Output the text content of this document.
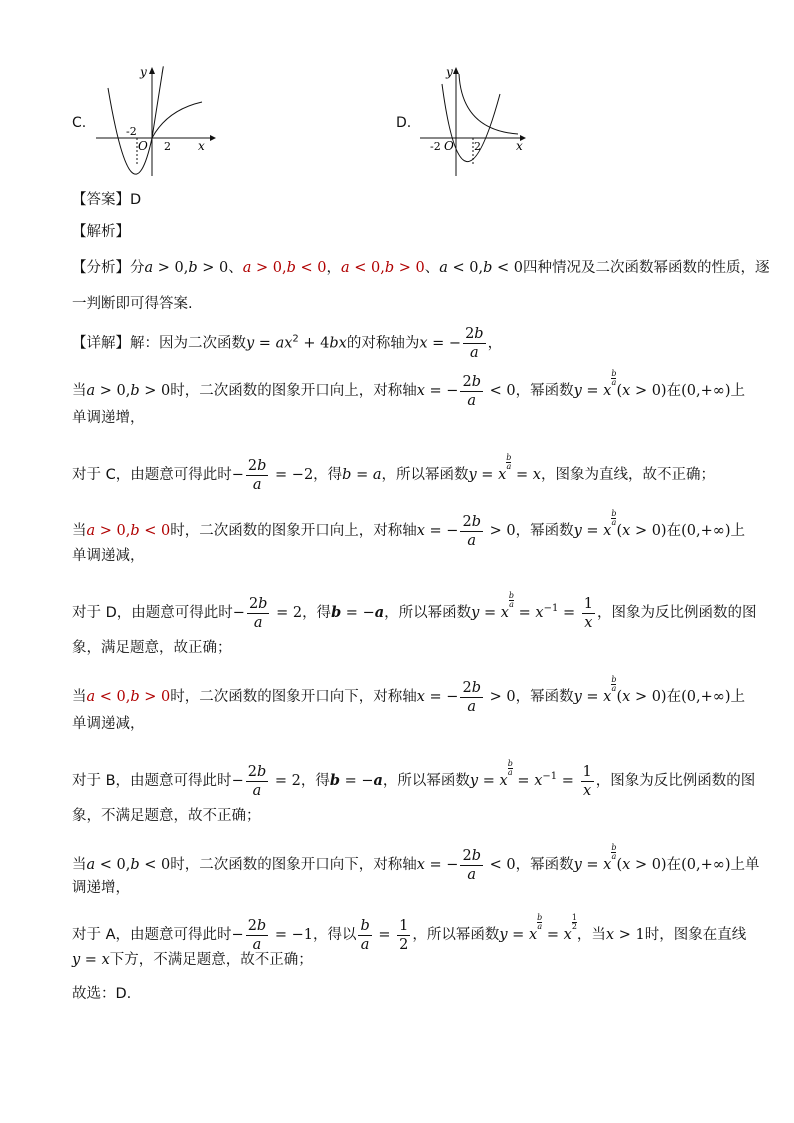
C.
y
x
O
-2
2
D.
y
x
-2 O 2
【答案】D
【解析】
【分析】分a > 0,b > 0、a > 0,b < 0，a < 0,b > 0、a < 0,b < 0四种情况及二次函数幂函数的性质，逐
一判断即可得答案.
【详解】解：因为二次函数$y = ax^2 + 4bx$的对称轴为x = − $\frac{2b}{a}$ ，
当a > 0,b > 0时，二次函数的图象开口向上，对称轴x = − $\frac{2b}{a} < 0$，幂函数y = x
$\frac{b}{a}$
(x > 0)在(0,+∞)上
单调递增，
对于 C，由题意可得此时− $\frac{2b}{a} = -2$，得b = a，所以幂函数y = x
$\frac{b}{a}$
= x，图象为直线，故不正确；
当a > 0,b < 0时，二次函数的图象开口向上，对称轴x = − $\frac{2b}{a} > 0$，幂函数y = x
$\frac{b}{a}$
(x > 0)在(0,+∞)上
单调递减，
对于 D，由题意可得此时− $\frac{2b}{a} = 2$，得b = −a，所以幂函数y = x
$\frac{b}{a}$
= $x^{-1} = \frac{1}{x}$ ，图象为反比例函数的图
象，满足题意，故正确；
当a < 0,b > 0时，二次函数的图象开口向下，对称轴x = − $\frac{2b}{a} > 0$，幂函数y = x
$\frac{b}{a}$
(x > 0)在(0,+∞)上
单调递减，
对于 B，由题意可得此时− $\frac{2b}{a} = 2$，得b = −a，所以幂函数y = x
$\frac{b}{a}$
= $x^{-1} = \frac{1}{x}$ ，图象为反比例函数的图
象，不满足题意，故不正确；
当a < 0,b < 0时，二次函数的图象开口向下，对称轴x = − $\frac{2b}{a} < 0$，幂函数y = x
$\frac{b}{a}$
(x > 0)在(0,+∞)上单
调递增，
对于 A，由题意可得此时− $\frac{2b}{a} = -1$，得以 $\frac{b}{a} = \frac{1}{2}$ ，所以幂函数y = x
$\frac{b}{a}$
= x
$\frac{1}{2}$
，当x > 1时，图象在直线
y = x下方，不满足题意，故不正确；
故选：D.
